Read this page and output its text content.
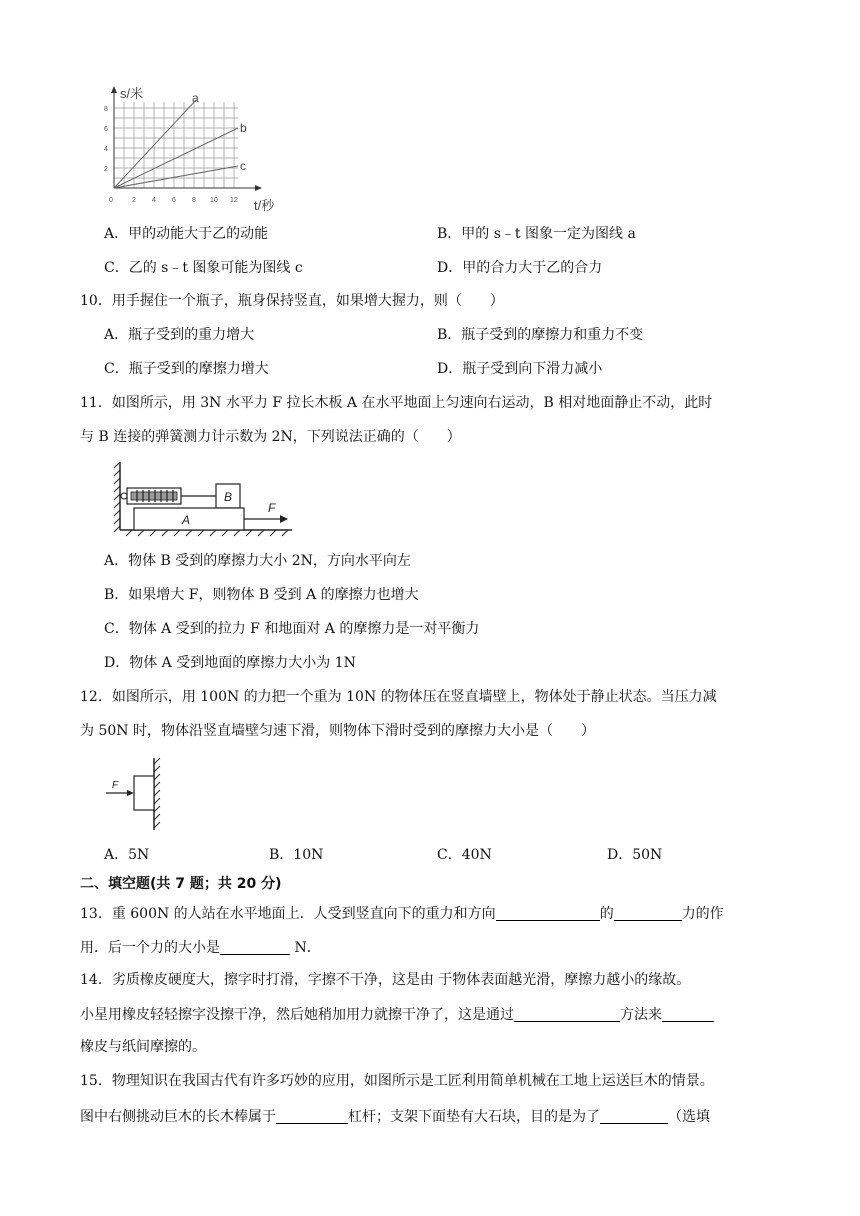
s/米
t/秒
a
b
c
8
6
4
2
0	2 4 6 8 10 12
A．甲的动能大于乙的动能	B．甲的 s﹣t 图象一定为图线 a
C．乙的 s﹣t 图象可能为图线 c	D．甲的合力大于乙的合力
10．用手握住一个瓶子，瓶身保持竖直，如果增大握力，则（　　）
A．瓶子受到的重力增大	B．瓶子受到的摩擦力和重力不变
C．瓶子受到的摩擦力增大	D．瓶子受到向下滑力减小
11．如图所示，用 3N 水平力 F 拉长木板 A 在水平地面上匀速向右运动，B 相对地面静止不动，此时
与 B 连接的弹簧测力计示数为 2N，下列说法正确的（　　）
B
A
F
A．物体 B 受到的摩擦力大小 2N，方向水平向左
B．如果增大 F，则物体 B 受到 A 的摩擦力也增大
C．物体 A 受到的拉力 F 和地面对 A 的摩擦力是一对平衡力
D．物体 A 受到地面的摩擦力大小为 1N
12．如图所示，用 100N 的力把一个重为 10N 的物体压在竖直墙壁上，物体处于静止状态。当压力减
为 50N 时，物体沿竖直墙壁匀速下滑，则物体下滑时受到的摩擦力大小是（　　）
F
A．5N	B．10N	C．40N	D．50N
二、填空题(共 7 题；共 20 分)
13．重 600N 的人站在水平地面上．人受到竖直向下的重力和方向	的	力的作
用．后一个力的大小是	N．
14．劣质橡皮硬度大，擦字时打滑，字擦不干净，这是由 于物体表面越光滑，摩擦力越小的缘故。
小星用橡皮轻轻擦字没擦干净，然后她稍加用力就擦干净了，这是通过	方法来
橡皮与纸间摩擦的。
15．物理知识在我国古代有许多巧妙的应用，如图所示是工匠利用简单机械在工地上运送巨木的情景。
图中右侧挑动巨木的长木棒属于	杠杆；支架下面垫有大石块，目的是为了	（选填
